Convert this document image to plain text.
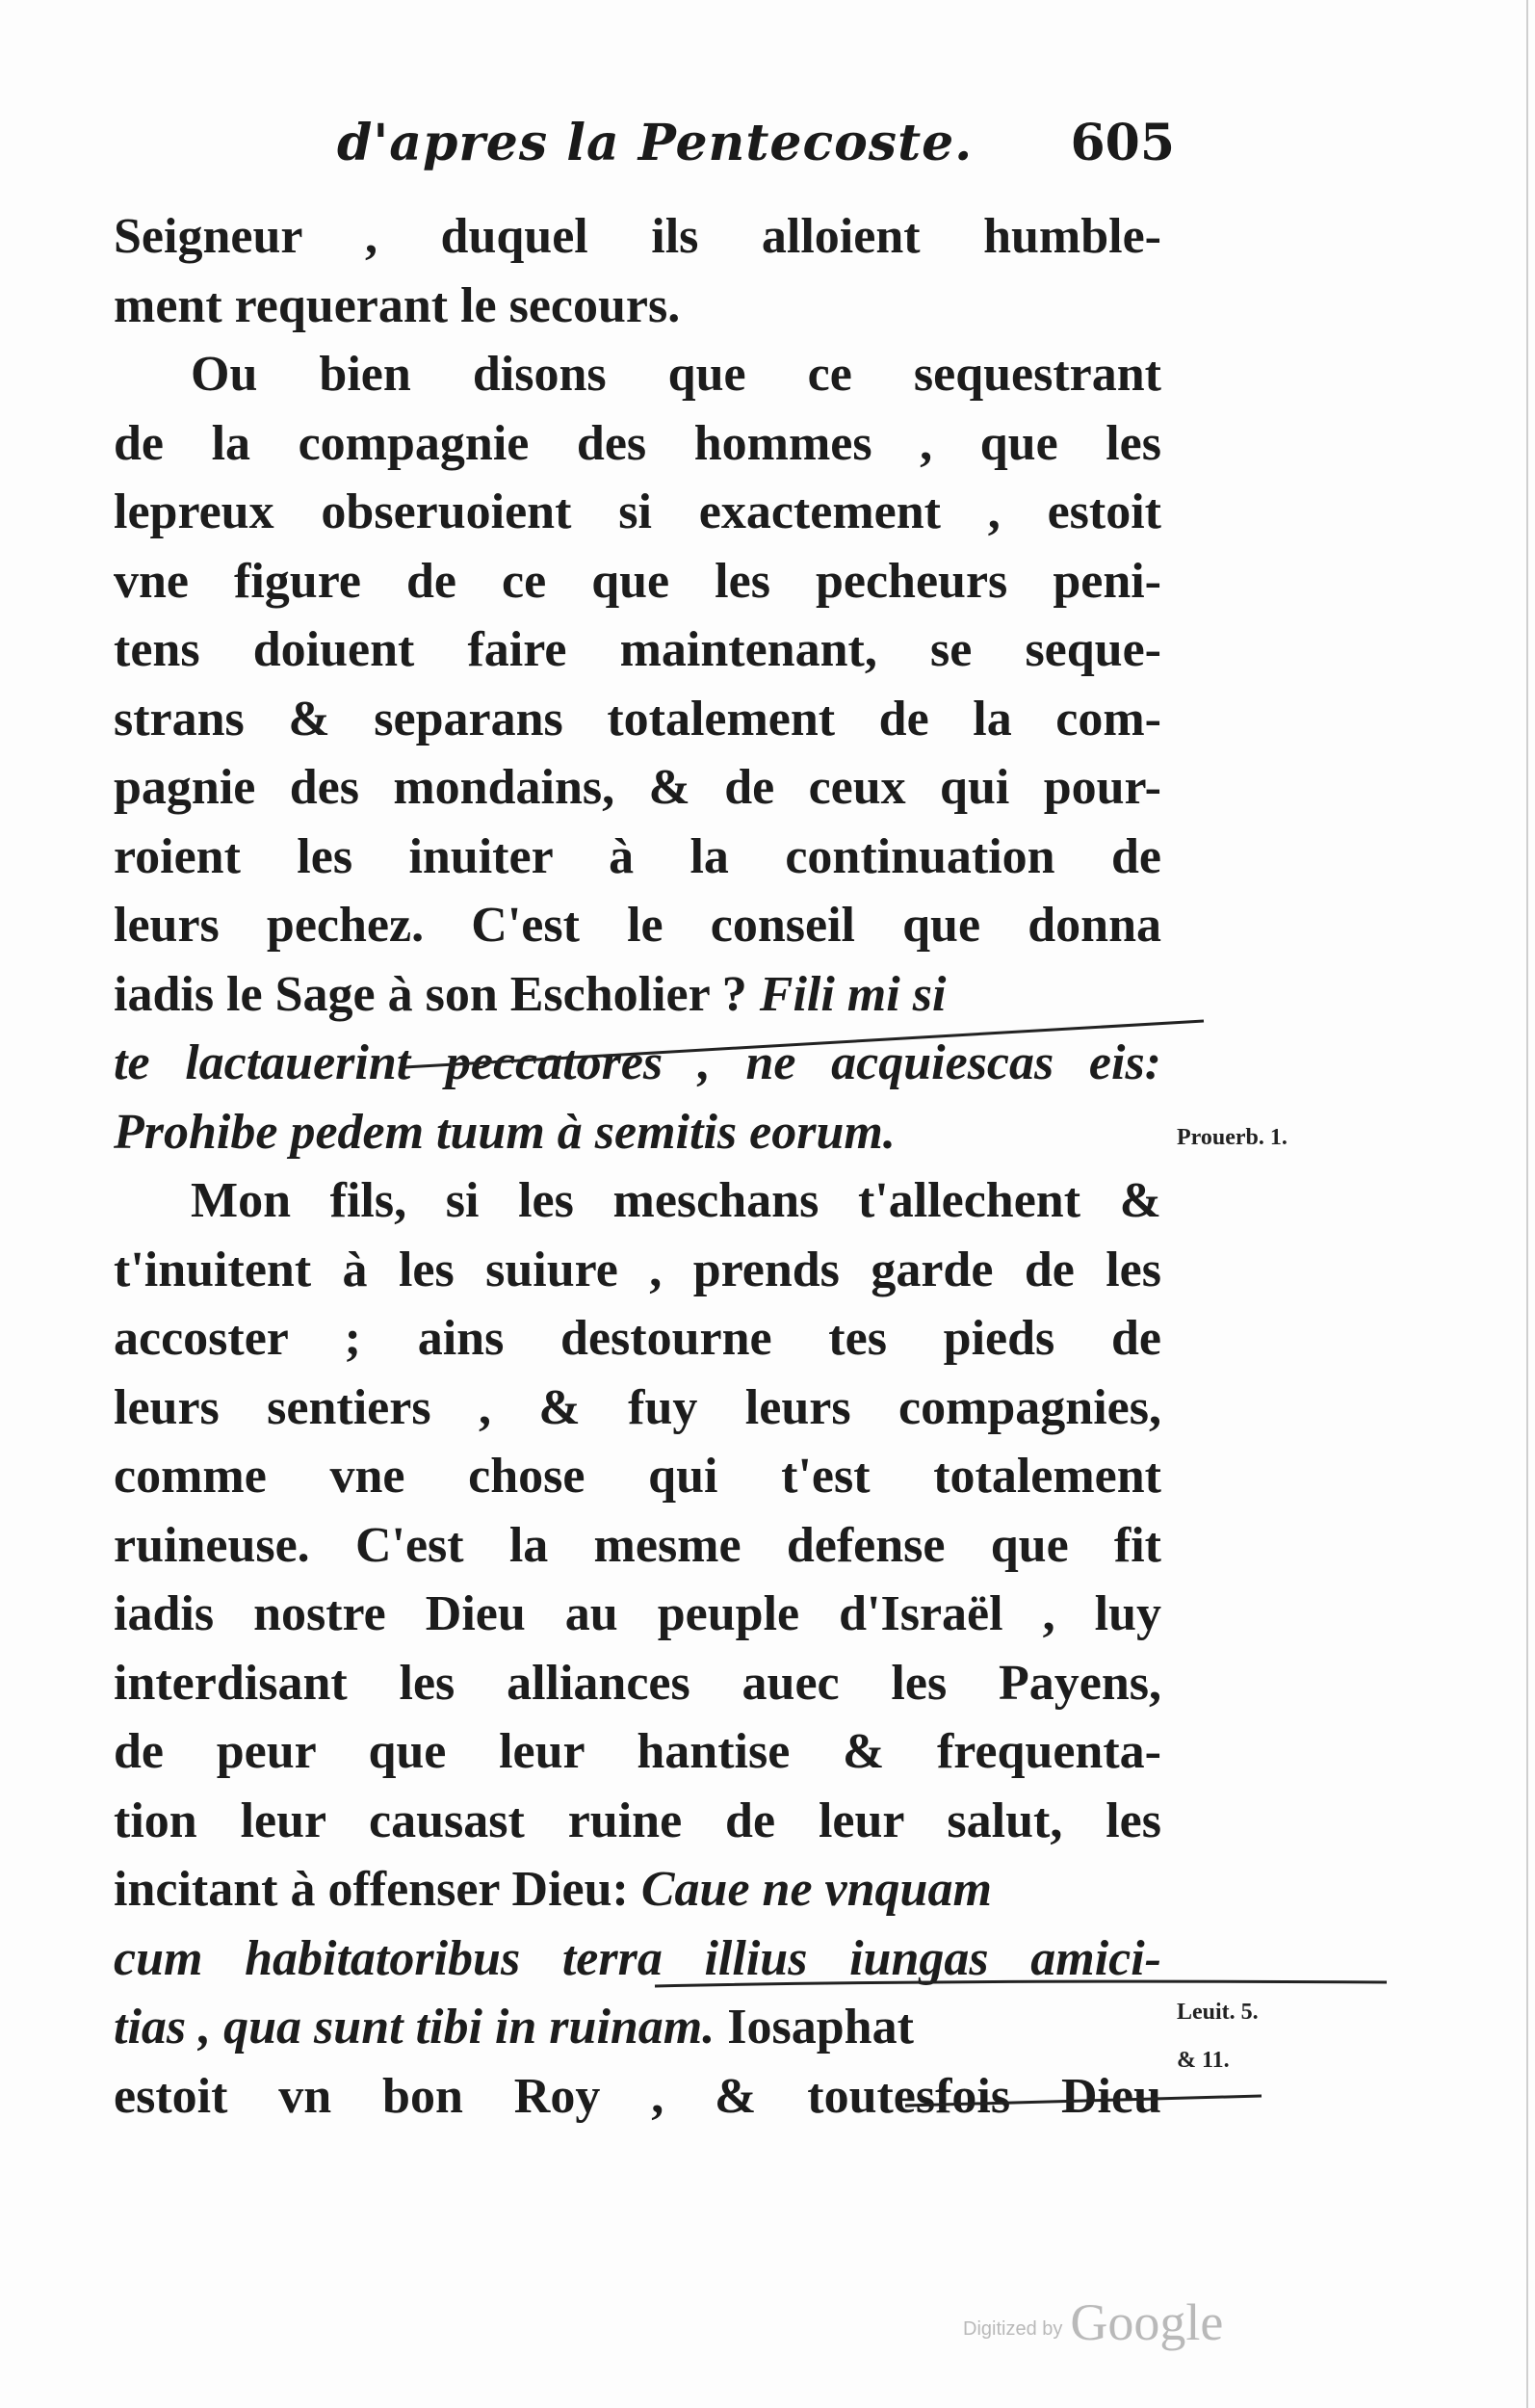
d'apres la Pentecoste. 605
Seigneur , duquel ils alloient humble-
ment requerant le secours.
Ou bien disons que ce sequestrant
de la compagnie des hommes , que les
lepreux obseruoient si exactement , estoit
vne figure de ce que les pecheurs peni-
tens doiuent faire maintenant, se seque-
strans & separans totalement de la com-
pagnie des mondains, & de ceux qui pour-
roient les inuiter à la continuation de
leurs pechez. C'est le conseil que donna
iadis le Sage à son Escholier ? Fili mi si
te lactauerint peccatores , ne acquiescas eis:
Prohibe pedem tuum à semitis eorum.
Mon fils, si les meschans t'allechent &
t'inuitent à les suiure , prends garde de les
accoster ; ains destourne tes pieds de
leurs sentiers , & fuy leurs compagnies,
comme vne chose qui t'est totalement
ruineuse. C'est la mesme defense que fit
iadis nostre Dieu au peuple d'Israël , luy
interdisant les alliances auec les Payens,
de peur que leur hantise & frequenta-
tion leur causast ruine de leur salut, les
incitant à offenser Dieu: Caue ne vnquam
cum habitatoribus terra illius iungas amici-
tias , qua sunt tibi in ruinam. Iosaphat
estoit vn bon Roy , & toutesfois Dieu
Prouerb. 1.
Leuit. 5.
& 11.
Digitized by Google
